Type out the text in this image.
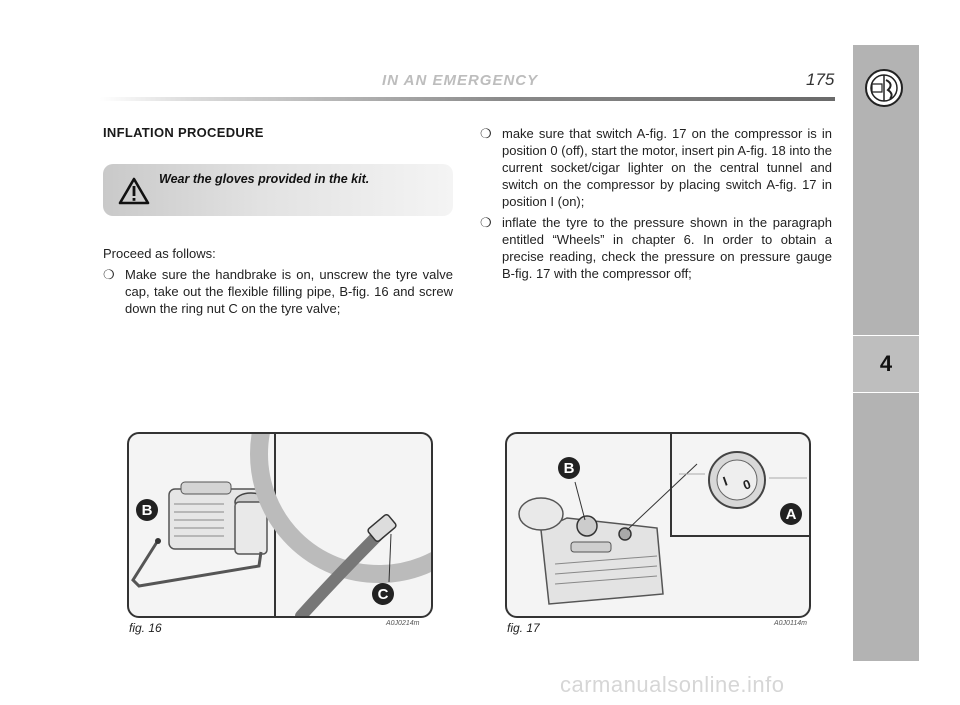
IN AN EMERGENCY	175
4
INFLATION PROCEDURE
Wear the gloves provided in the kit.
Proceed as follows:
❍ Make sure the handbrake is on, unscrew the tyre valve cap, take out the flexible filling pipe, B-fig. 16 and screw down the ring nut C on the tyre valve;
❍ make sure that switch A-fig. 17 on the compressor is in position 0 (off), start the motor, insert pin A-fig. 18 into the current socket/cigar lighter on the central tunnel and switch on the compressor by placing switch A-fig. 17 in position I (on);
❍ inflate the tyre to the pressure shown in the paragraph entitled “Wheels” in chapter 6. In order to obtain a precise reading, check the pressure on pressure gauge B-fig. 17 with the compressor off;
B
C
fig. 16	A0J0214m
I 0
B
A
fig. 17	A0J0114m
carmanualsonline.info
